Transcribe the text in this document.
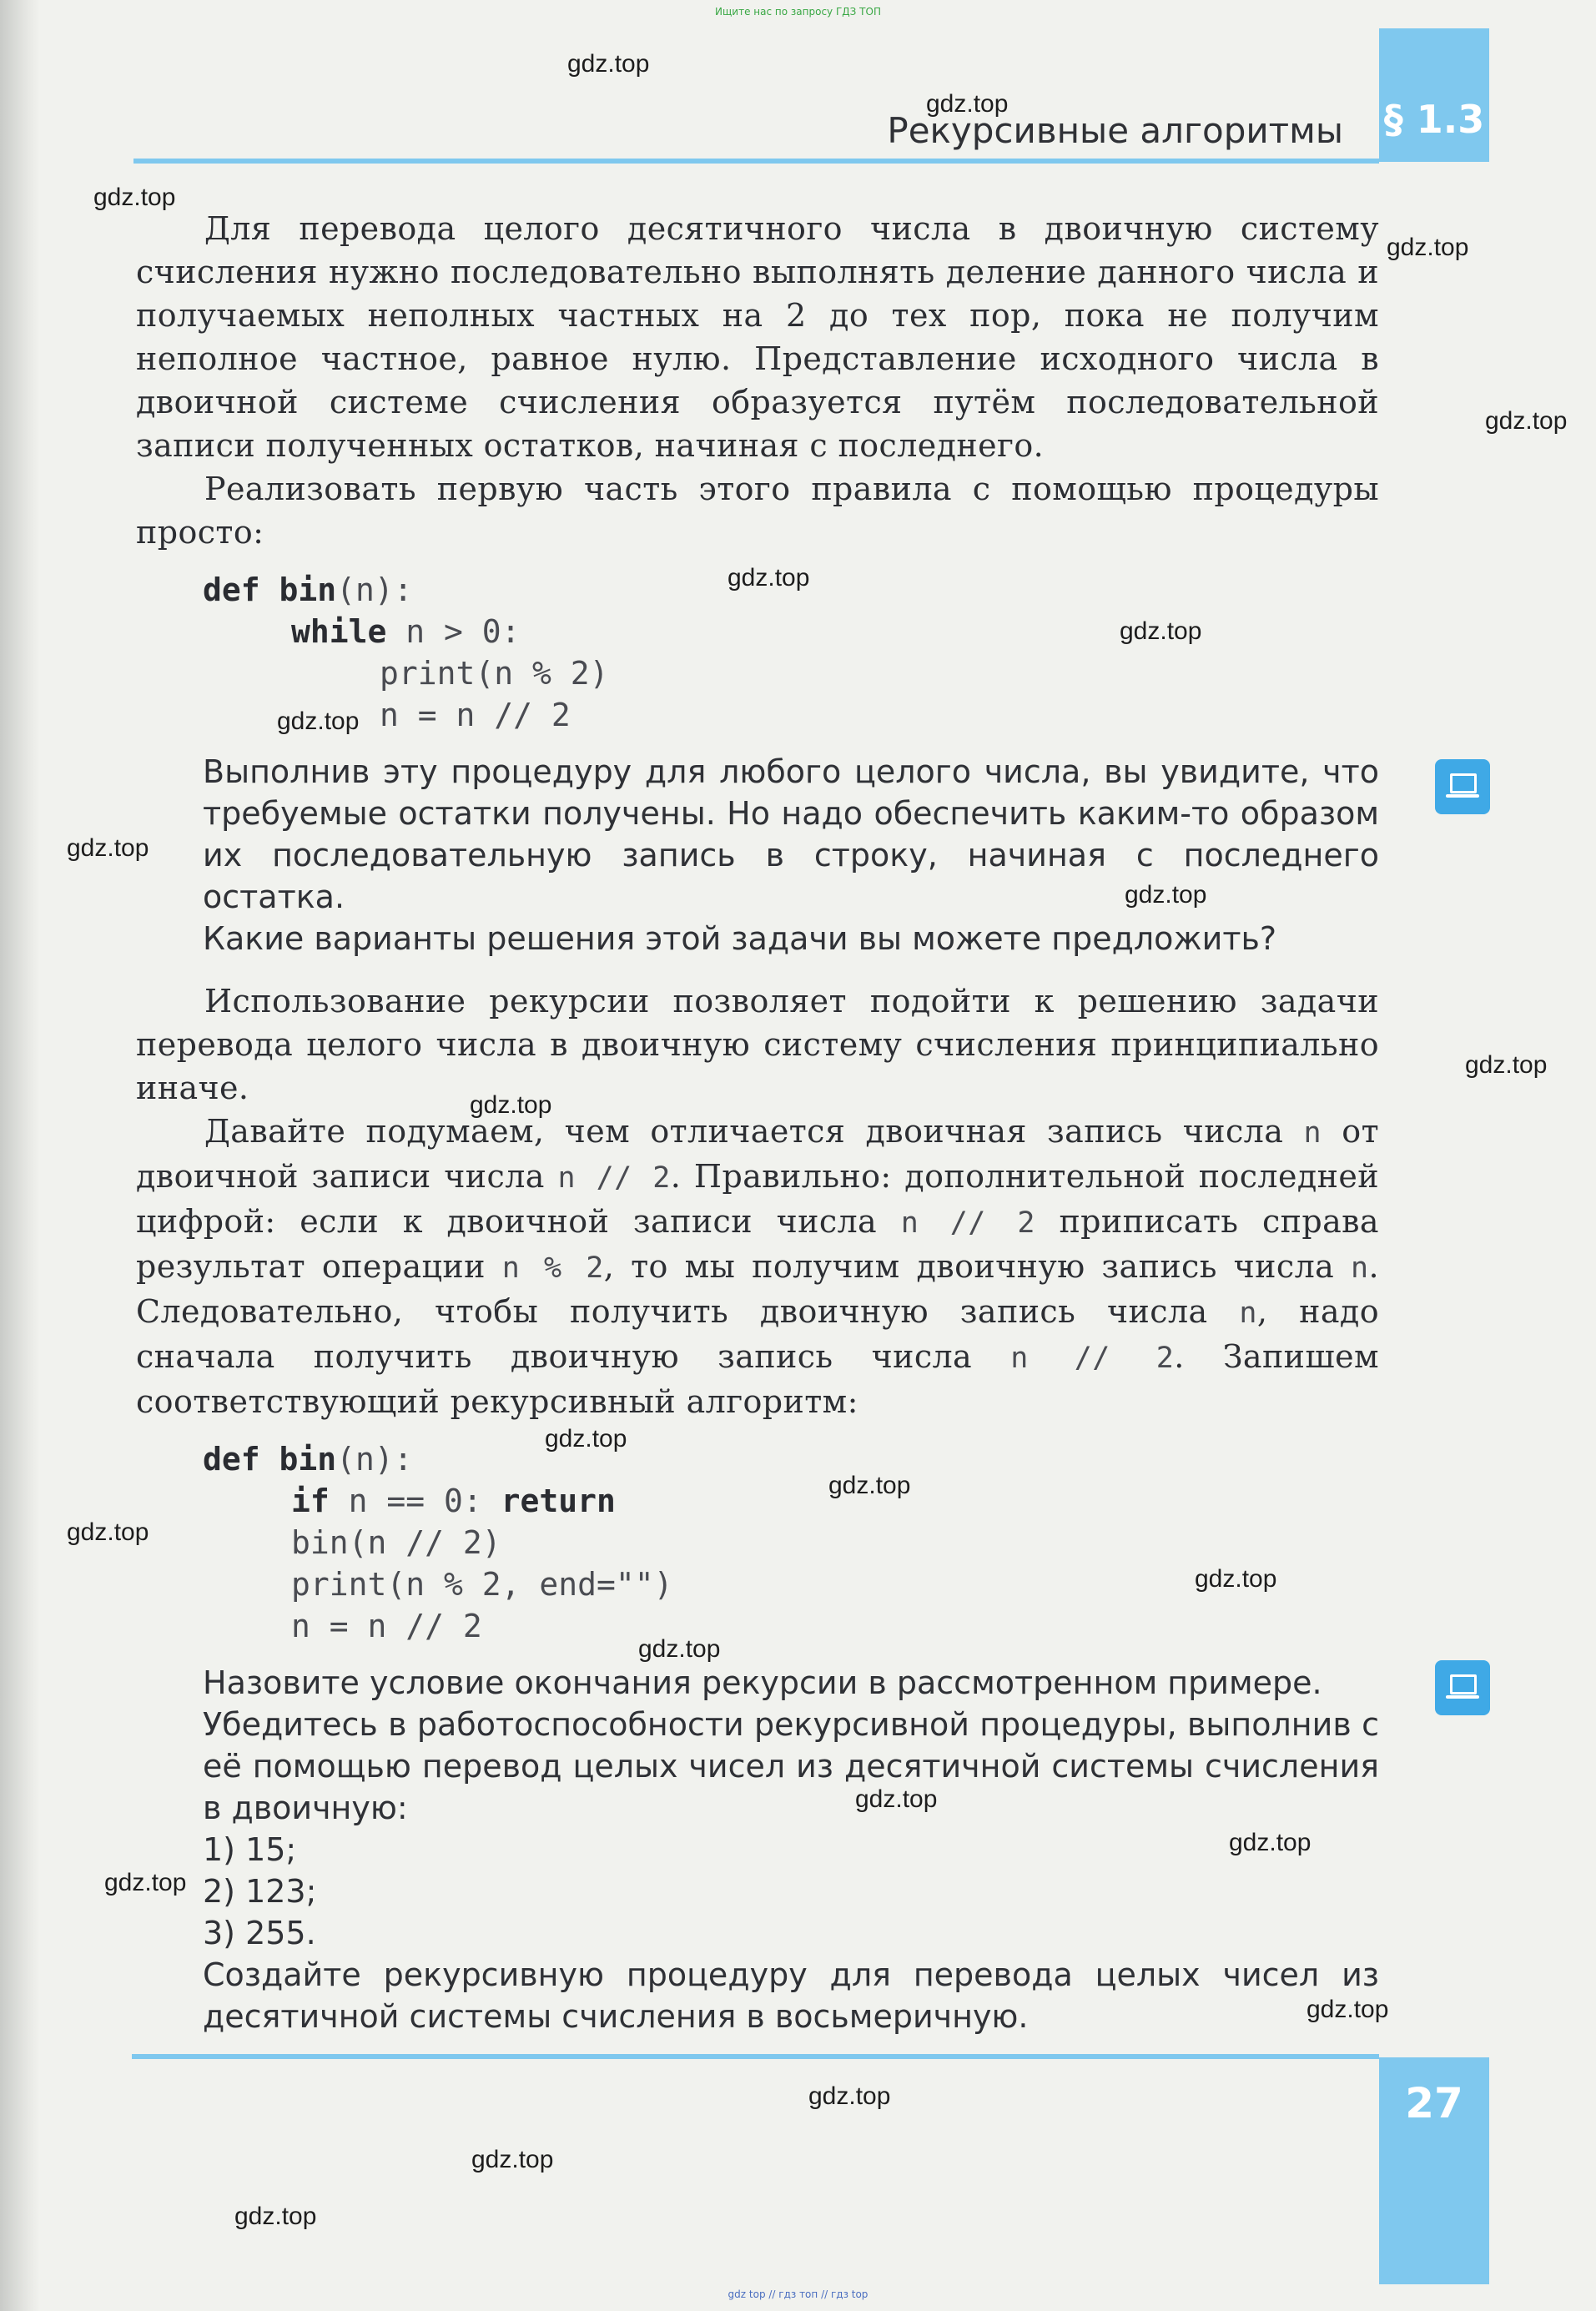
Ищите нас по запросу ГДЗ ТОП
§ 1.3
Рекурсивные алгоритмы

Для перевода целого десятичного числа в двоичную систему счисления нужно последовательно выполнять деление данного числа и получаемых неполных частных на 2 до тех пор, пока не получим неполное частное, равное нулю. Представление исходного числа в двоичной системе счисления образуется путём последовательной записи полученных остатков, начиная с последнего.

Реализовать первую часть этого правила с помощью процедуры просто:

def bin(n):
while n > 0:
print(n % 2)
n = n // 2

Выполнив эту процедуру для любого целого числа, вы увидите, что требуемые остатки получены. Но надо обеспечить каким-то образом их последовательную запись в строку, начиная с последнего остатка.

Какие варианты решения этой задачи вы можете предложить?

Использование рекурсии позволяет подойти к решению задачи перевода целого числа в двоичную систему счисления принципиально иначе.

Давайте подумаем, чем отличается двоичная запись числа n от двоичной записи числа n // 2. Правильно: дополнительной последней цифрой: если к двоичной записи числа n // 2 приписать справа результат операции n % 2, то мы получим двоичную запись числа n. Следовательно, чтобы получить двоичную запись числа n, надо сначала получить двоичную запись числа n // 2. Запишем соответствующий рекурсивный алгоритм:

def bin(n):
if n == 0: return
bin(n // 2)
print(n % 2, end="")
n = n // 2

Назовите условие окончания рекурсии в рассмотренном примере.

Убедитесь в работоспособности рекурсивной процедуры, выполнив с её помощью перевод целых чисел из десятичной системы счисления в двоичную:

1) 15;
2) 123;
3) 255.

Создайте рекурсивную процедуру для перевода целых чисел из десятичной системы счисления в восьмеричную.

27
gdz top // гдз топ // гдз top
gdz.top
gdz.top
gdz.top
gdz.top
gdz.top
gdz.top
gdz.top
gdz.top
gdz.top
gdz.top
gdz.top
gdz.top
gdz.top
gdz.top
gdz.top
gdz.top
gdz.top
gdz.top
gdz.top
gdz.top
gdz.top
gdz.top
gdz.top
gdz.top
